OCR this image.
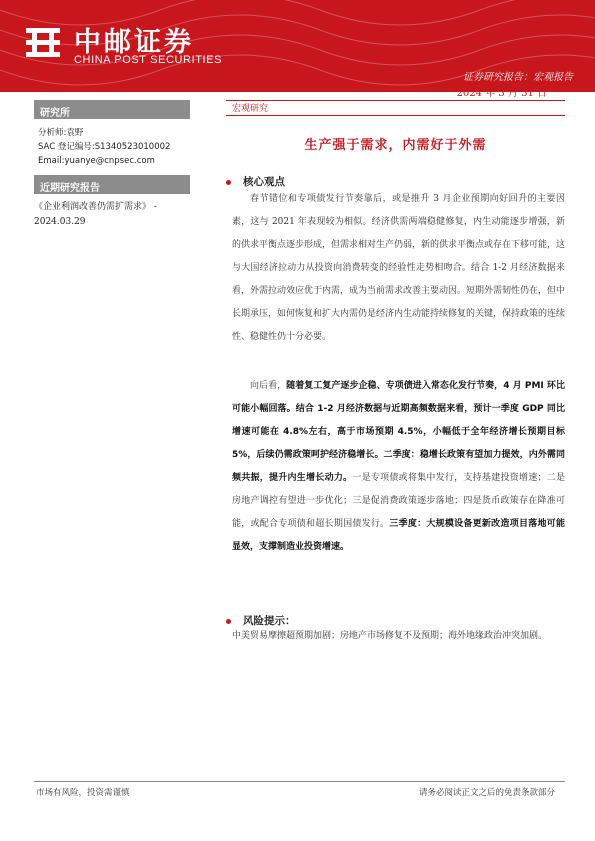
中邮证券
CHINA POST SECURITIES
证券研究报告：宏观报告
2024 年 3 月 31 日
研究所
分析师:袁野
SAC 登记编号:S1340523010002
Email:yuanye@cnpsec.com
近期研究报告
《企业利润改善仍需扩需求》 - 2024.03.29
宏观研究
生产强于需求，内需好于外需
核心观点
春节错位和专项债发行节奏靠后，或是推升 3 月企业预期向好回升的主要因素，这与 2021 年表现较为相似。经济供需两端稳健修复，内生动能逐步增强，新的供求平衡点逐步形成，但需求相对生产仍弱，新的供求平衡点或存在下移可能，这与大国经济拉动力从投资向消费转变的经验性走势相吻合。结合 1-2 月经济数据来看，外需拉动效应优于内需，成为当前需求改善主要动因。短期外需韧性仍在，但中长期承压，如何恢复和扩大内需仍是经济内生动能持续修复的关键，保持政策的连续性、稳健性仍十分必要。
向后看，随着复工复产逐步企稳、专项债进入常态化发行节奏，4 月 PMI 环比可能小幅回落。结合 1-2 月经济数据与近期高频数据来看，预计一季度 GDP 同比增速可能在 4.8%左右，高于市场预期 4.5%，小幅低于全年经济增长预期目标 5%，后续仍需政策呵护经济稳增长。二季度：稳增长政策有望加力提效，内外需同频共振，提升内生增长动力。一是专项债或将集中发行，支持基建投资增速；二是房地产调控有望进一步优化；三是促消费政策逐步落地；四是货币政策存在降准可能，或配合专项债和超长期国债发行。三季度：大规模设备更新改造项目落地可能显效，支撑制造业投资增速。
风险提示：
中美贸易摩擦超预期加剧；房地产市场修复不及预期；海外地缘政治冲突加剧。
市场有风险，投资需谨慎	请务必阅读正文之后的免责条款部分
